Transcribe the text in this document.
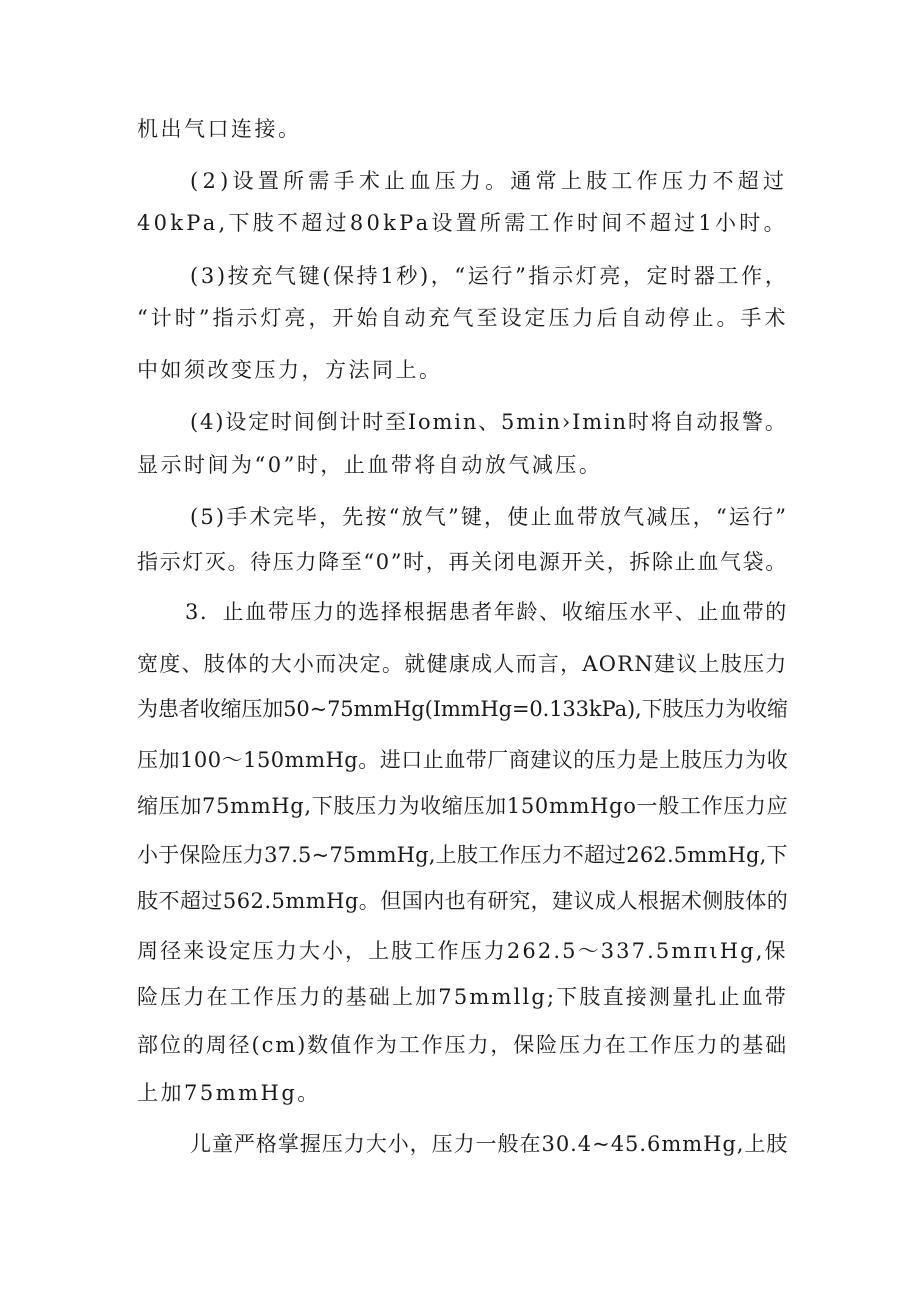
机出气口连接。
(2)设置所需手术止血压力。通常上肢工作压力不超过
40kPa,下肢不超过80kPa设置所需工作时间不超过1小时。
(3)按充气键(保持1秒)，“运行”指示灯亮，定时器工作，
“计时”指示灯亮，开始自动充气至设定压力后自动停止。手术
中如须改变压力，方法同上。
(4)设定时间倒计时至Iomin、5min›Imin时将自动报警。
显示时间为“0”时，止血带将自动放气减压。
(5)手术完毕，先按“放气”键，使止血带放气减压，“运行”
指示灯灭。待压力降至“0”时，再关闭电源开关，拆除止血气袋。
3．止血带压力的选择根据患者年龄、收缩压水平、止血带的
宽度、肢体的大小而决定。就健康成人而言，AORN建议上肢压力
为患者收缩压加50~75mmHg(ImmHg=0.133kPa),下肢压力为收缩
压加100～150mmHg。进口止血带厂商建议的压力是上肢压力为收
缩压加75mmHg,下肢压力为收缩压加150mmHgo一般工作压力应
小于保险压力37.5~75mmHg,上肢工作压力不超过262.5mmHg,下
肢不超过562.5mmHg。但国内也有研究，建议成人根据术侧肢体的
周径来设定压力大小，上肢工作压力262.5～337.5mπιHg,保
险压力在工作压力的基础上加75mmllg;下肢直接测量扎止血带
部位的周径(cm)数值作为工作压力，保险压力在工作压力的基础
上加75mmHg。
儿童严格掌握压力大小，压力一般在30.4~45.6mmHg,上肢
